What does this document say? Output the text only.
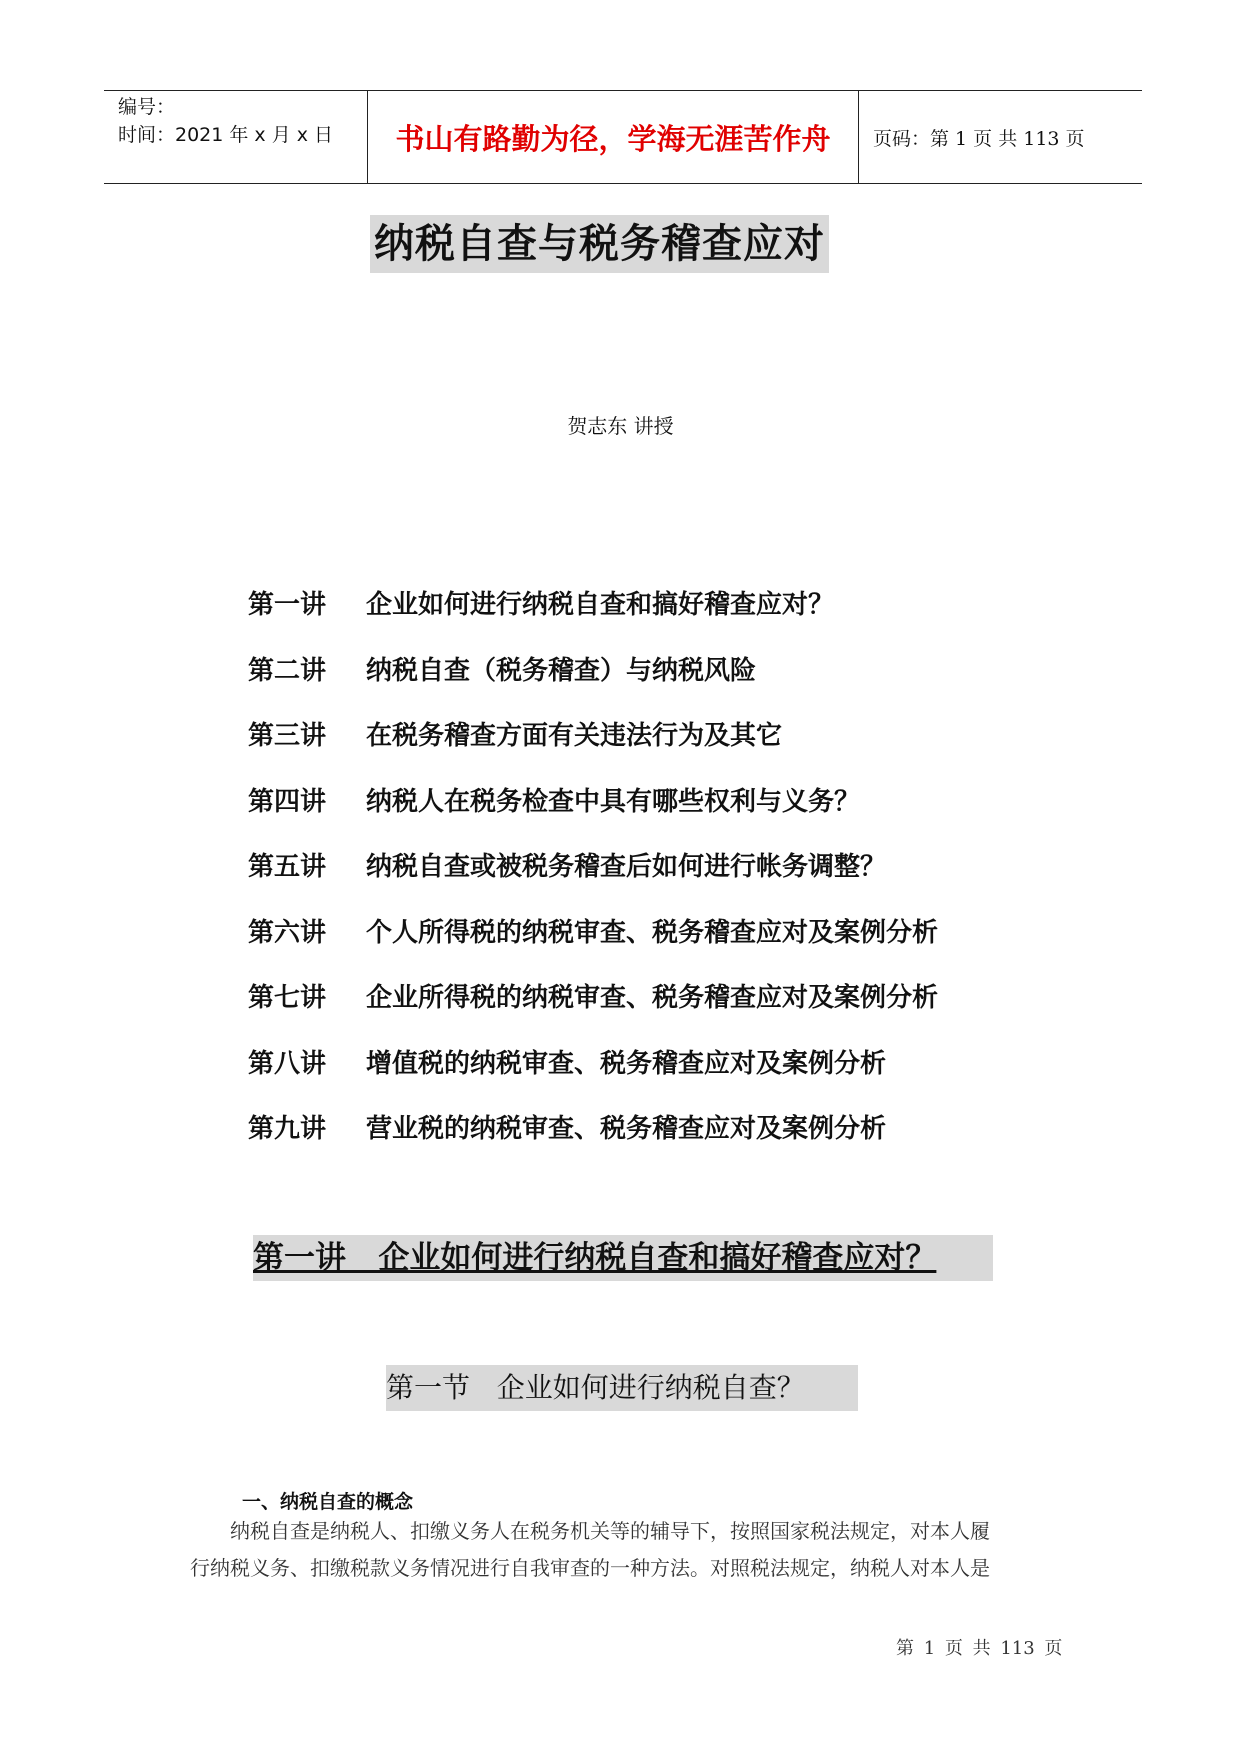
编号：
时间：2021 年 x 月 x 日	书山有路勤为径，学海无涯苦作舟	页码：第 1 页 共 113 页
纳税自查与税务稽查应对
贺志东 讲授
第一讲	企业如何进行纳税自查和搞好稽查应对？
第二讲	纳税自查（税务稽查）与纳税风险
第三讲	在税务稽查方面有关违法行为及其它
第四讲	纳税人在税务检查中具有哪些权利与义务？
第五讲	纳税自查或被税务稽查后如何进行帐务调整？
第六讲	个人所得税的纳税审查、税务稽查应对及案例分析
第七讲	企业所得税的纳税审查、税务稽查应对及案例分析
第八讲	增值税的纳税审查、税务稽查应对及案例分析
第九讲	营业税的纳税审查、税务稽查应对及案例分析
第一讲   企业如何进行纳税自查和搞好稽查应对？
第一节   企业如何进行纳税自查？
一、纳税自查的概念

纳税自查是纳税人、扣缴义务人在税务机关等的辅导下，按照国家税法规定，对本人履

行纳税义务、扣缴税款义务情况进行自我审查的一种方法。对照税法规定，纳税人对本人是

第 1 页 共 113 页
